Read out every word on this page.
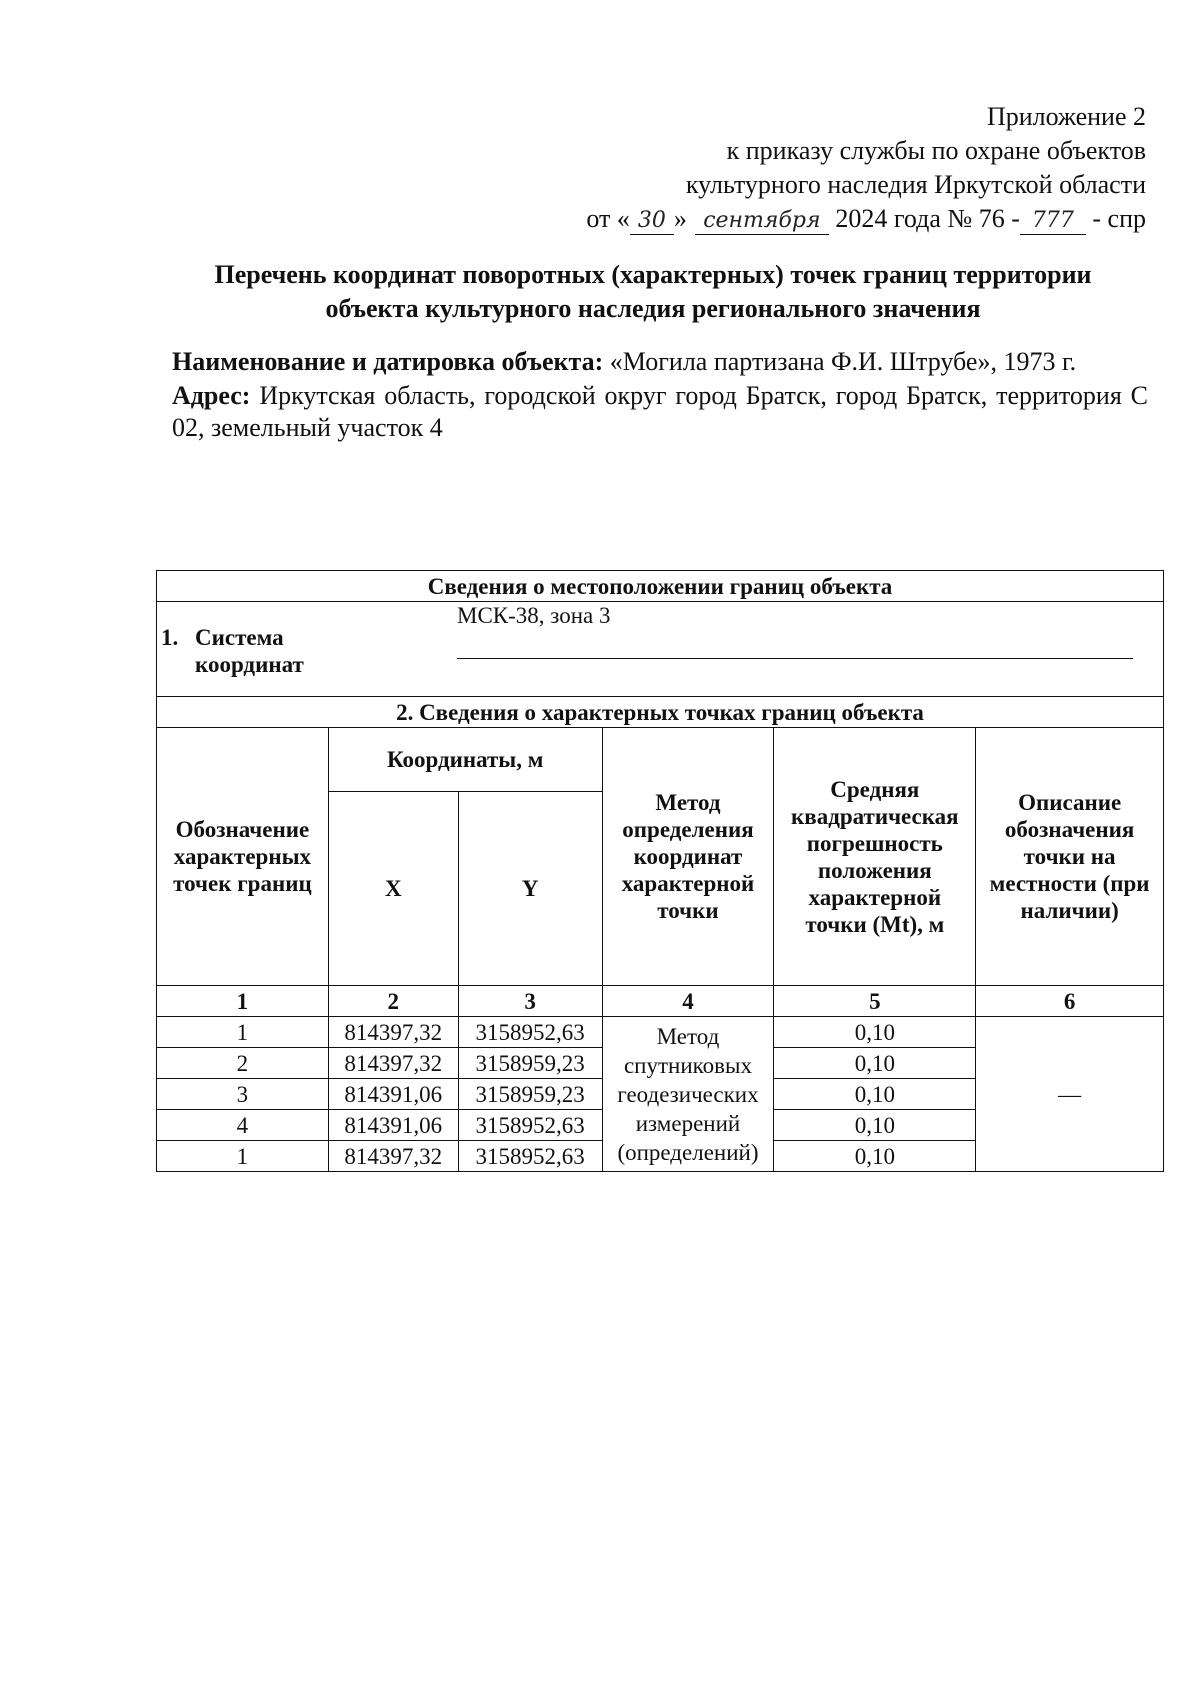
Приложение 2
к приказу службы по охране объектов
культурного наследия Иркутской области
от « 30 » сентября 2024 года № 76 - 777 - спр
Перечень координат поворотных (характерных) точек границ территории
объекта культурного наследия регионального значения
Наименование и датировка объекта: «Могила партизана Ф.И. Штрубе», 1973 г.
Адрес: Иркутская область, городской округ город Братск, город Братск, территория С 02, земельный участок 4
Сведения о местоположении границ объекта					
1. Система
координат
МСК-38, зона 3					

2. Сведения о характерных точках границ объекта					
Обозначение характерных точек границ	Координаты, м		Метод определения координат характерной точки	Средняя квадратическая погрешность положения характерной точки (Mt), м	Описание обозначения точки на местности (при наличии)
	X	Y			
1	2	3	4	5	6
1	814397,32	3158952,63	Метод спутниковых геодезических измерений (определений)	0,10	—
2	814397,32	3158959,23		0,10	
3	814391,06	3158959,23		0,10	
4	814391,06	3158952,63		0,10	
1	814397,32	3158952,63		0,10	
